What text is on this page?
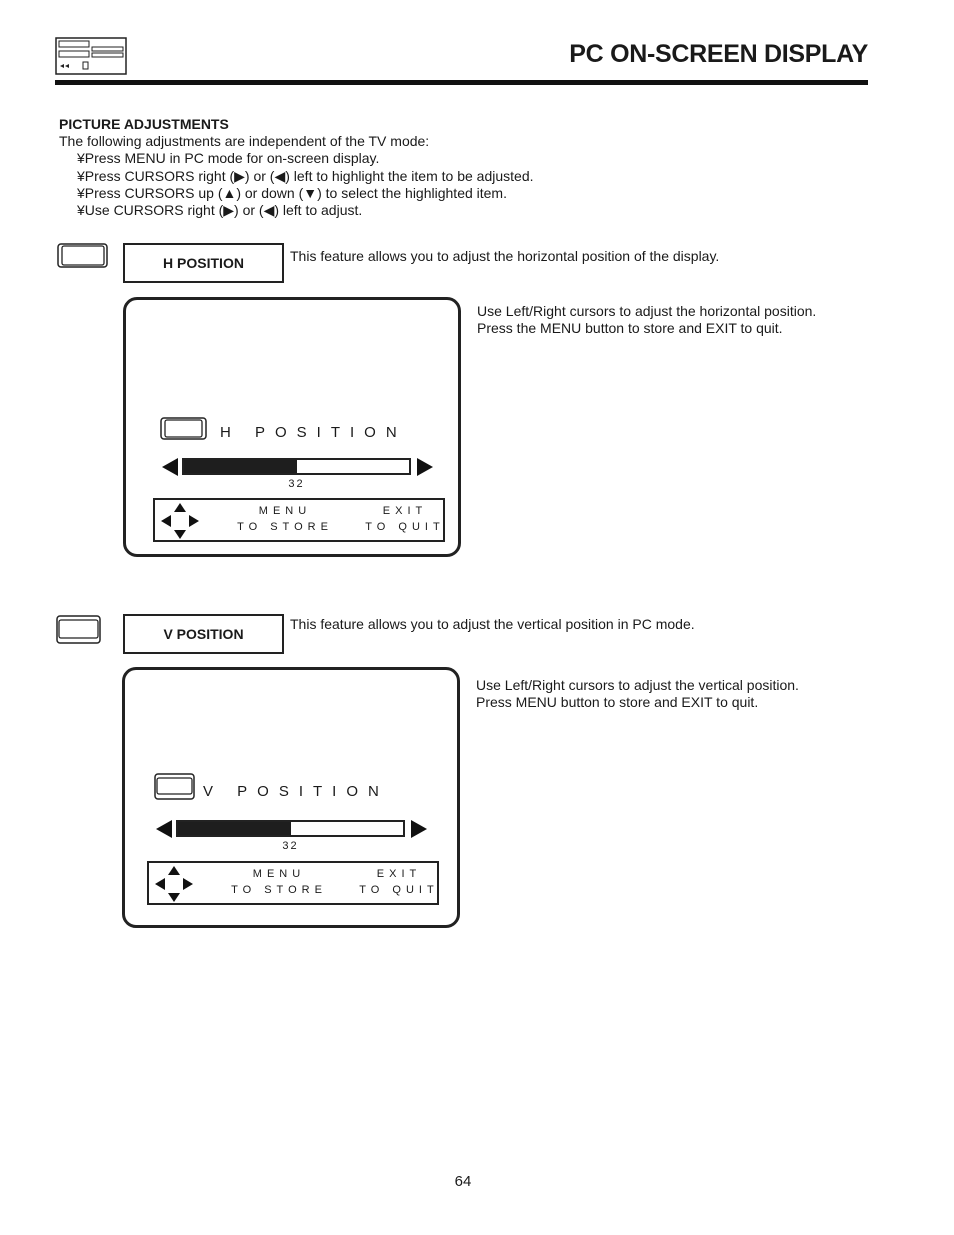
PC ON-SCREEN DISPLAY
PICTURE ADJUSTMENTS
The following adjustments are independent of the TV mode:
¥Press MENU in PC mode for on-screen display.
¥Press CURSORS right (▶) or (◀) left to highlight the item to be adjusted.
¥Press CURSORS up (▲) or down (▼) to select the highlighted item.
¥Use CURSORS right (▶) or (◀) left to adjust.
H POSITION	This feature allows you to adjust the horizontal position of the display.
Use Left/Right cursors to adjust the horizontal position.
Press the MENU button to store and EXIT to quit.
H POSITION
32
MENU
TO STORE
EXIT
TO QUIT
V POSITION
This feature allows you to adjust the vertical position in PC mode.
Use Left/Right cursors to adjust the vertical position.
Press MENU button to store and EXIT to quit.
V POSITION
32
MENU
TO STORE
EXIT
TO QUIT
64
